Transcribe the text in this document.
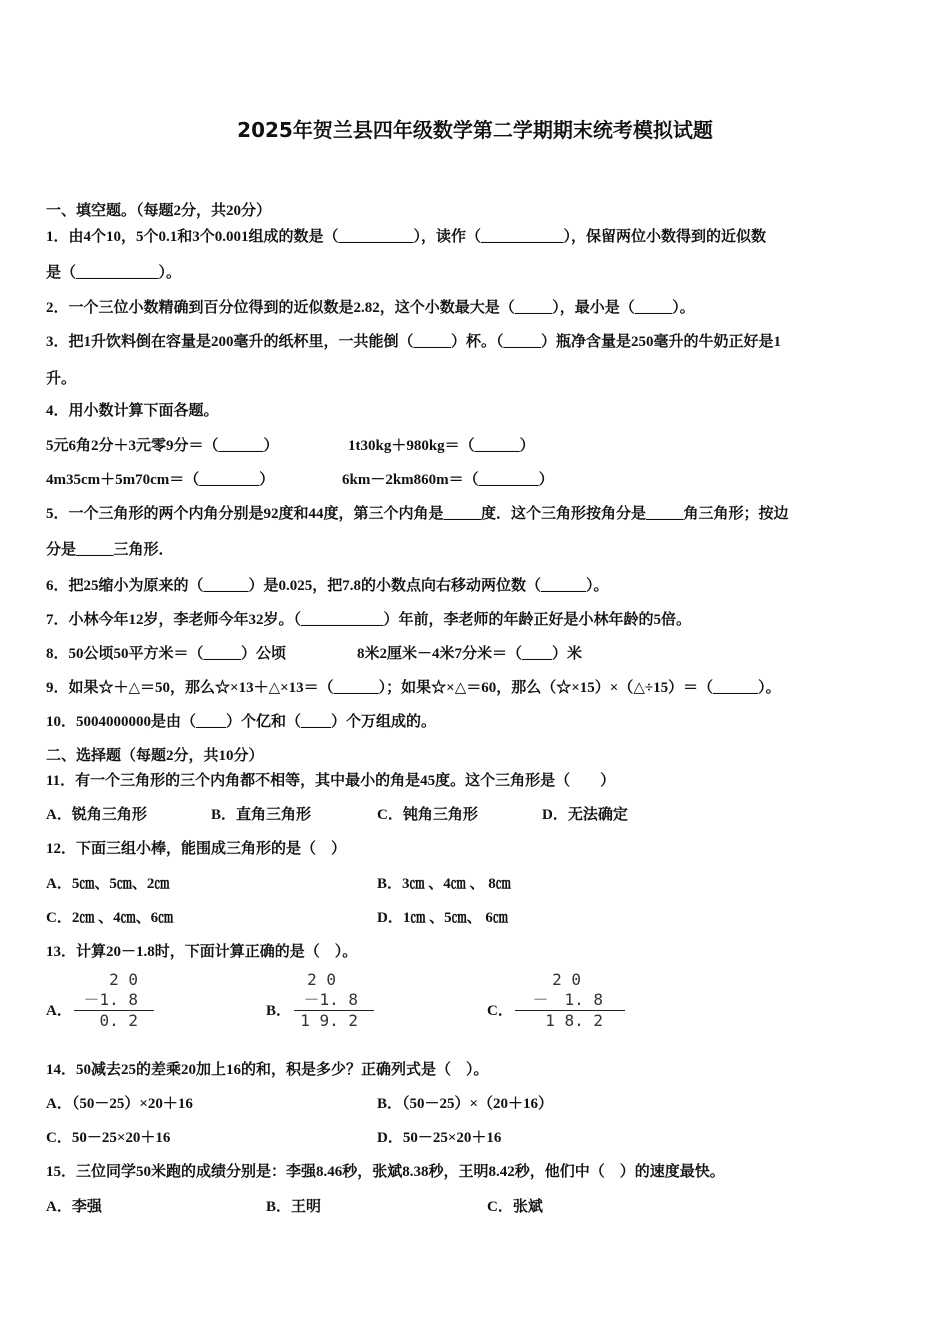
2025年贺兰县四年级数学第二学期期末统考模拟试题
一、填空题。（每题2分，共20分）
1．由4个10，5个0.1和3个0.001组成的数是（__________），读作（___________），保留两位小数得到的近似数
是（___________）。
2．一个三位小数精确到百分位得到的近似数是2.82，这个小数最大是（_____），最小是（_____）。
3．把1升饮料倒在容量是200毫升的纸杯里，一共能倒（_____）杯。（_____）瓶净含量是250毫升的牛奶正好是1
升。
4．用小数计算下面各题。
5元6角2分＋3元零9分＝（______）	1t30kg＋980kg＝（______）
4m35cm＋5m70cm＝（________）	6km－2km860m＝（________）
5．一个三角形的两个内角分别是92度和44度，第三个内角是_____度．这个三角形按角分是_____角三角形；按边
分是_____三角形．
6．把25缩小为原来的（______）是0.025，把7.8的小数点向右移动两位数（______）。
7．小林今年12岁，李老师今年32岁。（___________）年前，李老师的年龄正好是小林年龄的5倍。
8．50公顷50平方米＝（_____）公顷	8米2厘米－4米7分米＝（____）米
9．如果☆＋△＝50，那么☆×13＋△×13＝（______）；如果☆×△＝60，那么（☆×15）×（△÷15）＝（______）。
10．5004000000是由（____）个亿和（____）个万组成的。
二、选择题（每题2分，共10分）
11．有一个三角形的三个内角都不相等，其中最小的角是45度。这个三角形是（　　）
A．锐角三角形	B．直角三角形	C．钝角三角形	D．无法确定
12．下面三组小棒，能围成三角形的是（　）
A．5㎝、5㎝、2㎝	B．3㎝ 、4㎝ 、 8㎝
C．2㎝ 、4㎝、6㎝	D．1㎝ 、5㎝、 6㎝
13．计算20－1.8时，下面计算正确的是（　）。
A．
2 0
－1. 8
0. 2	B．
2 0
－1. 8
1 9. 2	C．
2 0
－　1. 8
1 8. 2
14．50减去25的差乘20加上16的和，积是多少？正确列式是（　）。
A．（50－25）×20＋16	B．（50－25）×（20＋16）
C．50－25×20＋16	D．50－25×20＋16
15．三位同学50米跑的成绩分别是：李强8.46秒，张斌8.38秒，王明8.42秒，他们中（　）的速度最快。
A．李强	B．王明	C．张斌
